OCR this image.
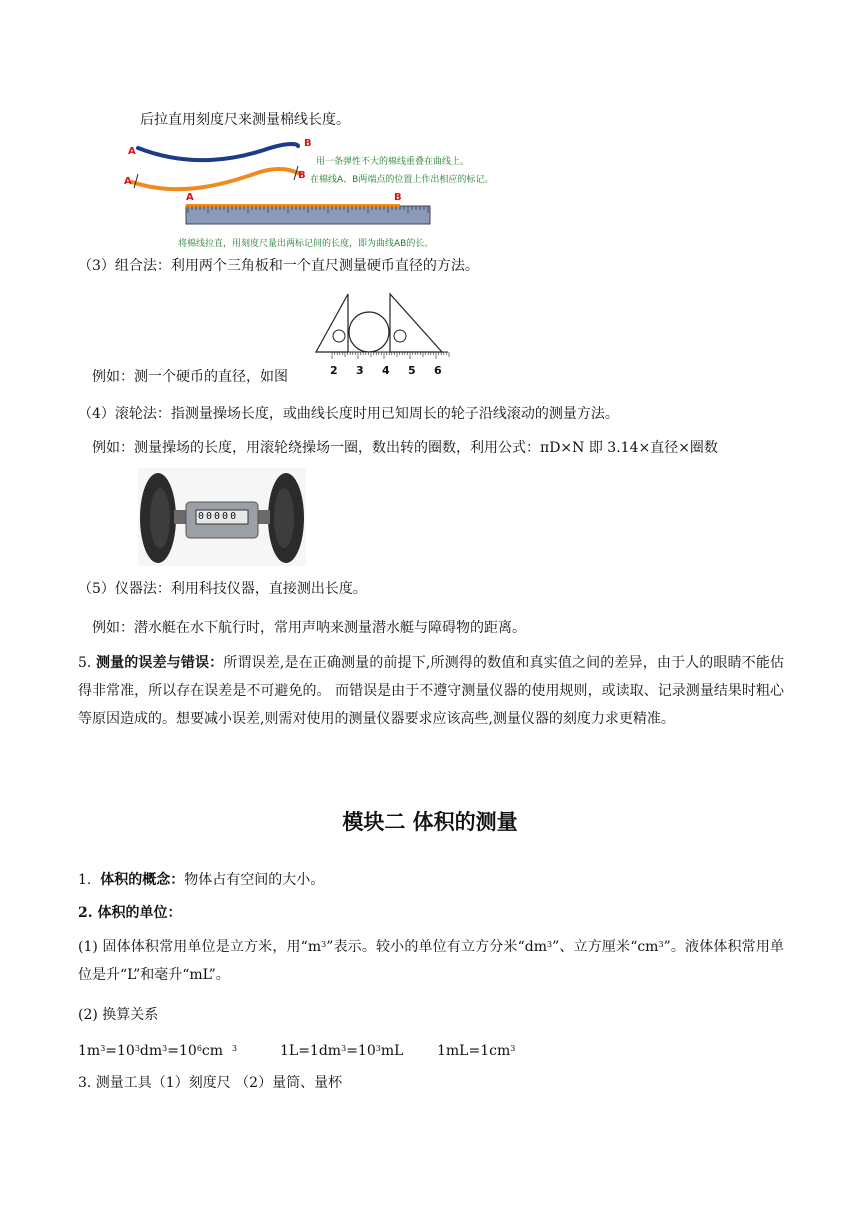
后拉直用刻度尺来测量棉线长度。
A
B
A
B
A	B
用一条弹性不大的棉线重叠在曲线上。
在棉线A、B两端点的位置上作出相应的标记。
将棉线拉直，用刻度尺量出两标记间的长度，即为曲线AB的长。
（3）组合法：利用两个三角板和一个直尺测量硬币直径的方法。
2 3 4 5 6
例如：测一个硬币的直径，如图
（4）滚轮法：指测量操场长度，或曲线长度时用已知周长的轮子沿线滚动的测量方法。
例如：测量操场的长度，用滚轮绕操场一圈，数出转的圈数，利用公式：πD×N 即 3.14×直径×圈数
00000
（5）仪器法：利用科技仪器，直接测出长度。
例如：潜水艇在水下航行时，常用声呐来测量潜水艇与障碍物的距离。
5. 测量的误差与错误：所谓误差,是在正确测量的前提下,所测得的数值和真实值之间的差异，由于人的眼睛不能估得非常准，所以存在误差是不可避免的。 而错误是由于不遵守测量仪器的使用规则，或读取、记录测量结果时粗心等原因造成的。想要减小误差,则需对使用的测量仪器要求应该高些,测量仪器的刻度力求更精准。
模块二 体积的测量
1. 体积的概念：物体占有空间的大小。
2. 体积的单位：
(1) 固体体积常用单位是立方米，用“$m^3$”表示。较小的单位有立方分米“$dm^3$”、立方厘米“$cm^3$”。液体体积常用单位是升“L”和毫升“mL”。
(2) 换算关系
$1m^3=10^3dm^3=10^6cm$ $^3$	$1L=1dm^3=10^3mL$ $1mL=1cm^3$
3. 测量工具（1）刻度尺 （2）量筒、量杯
